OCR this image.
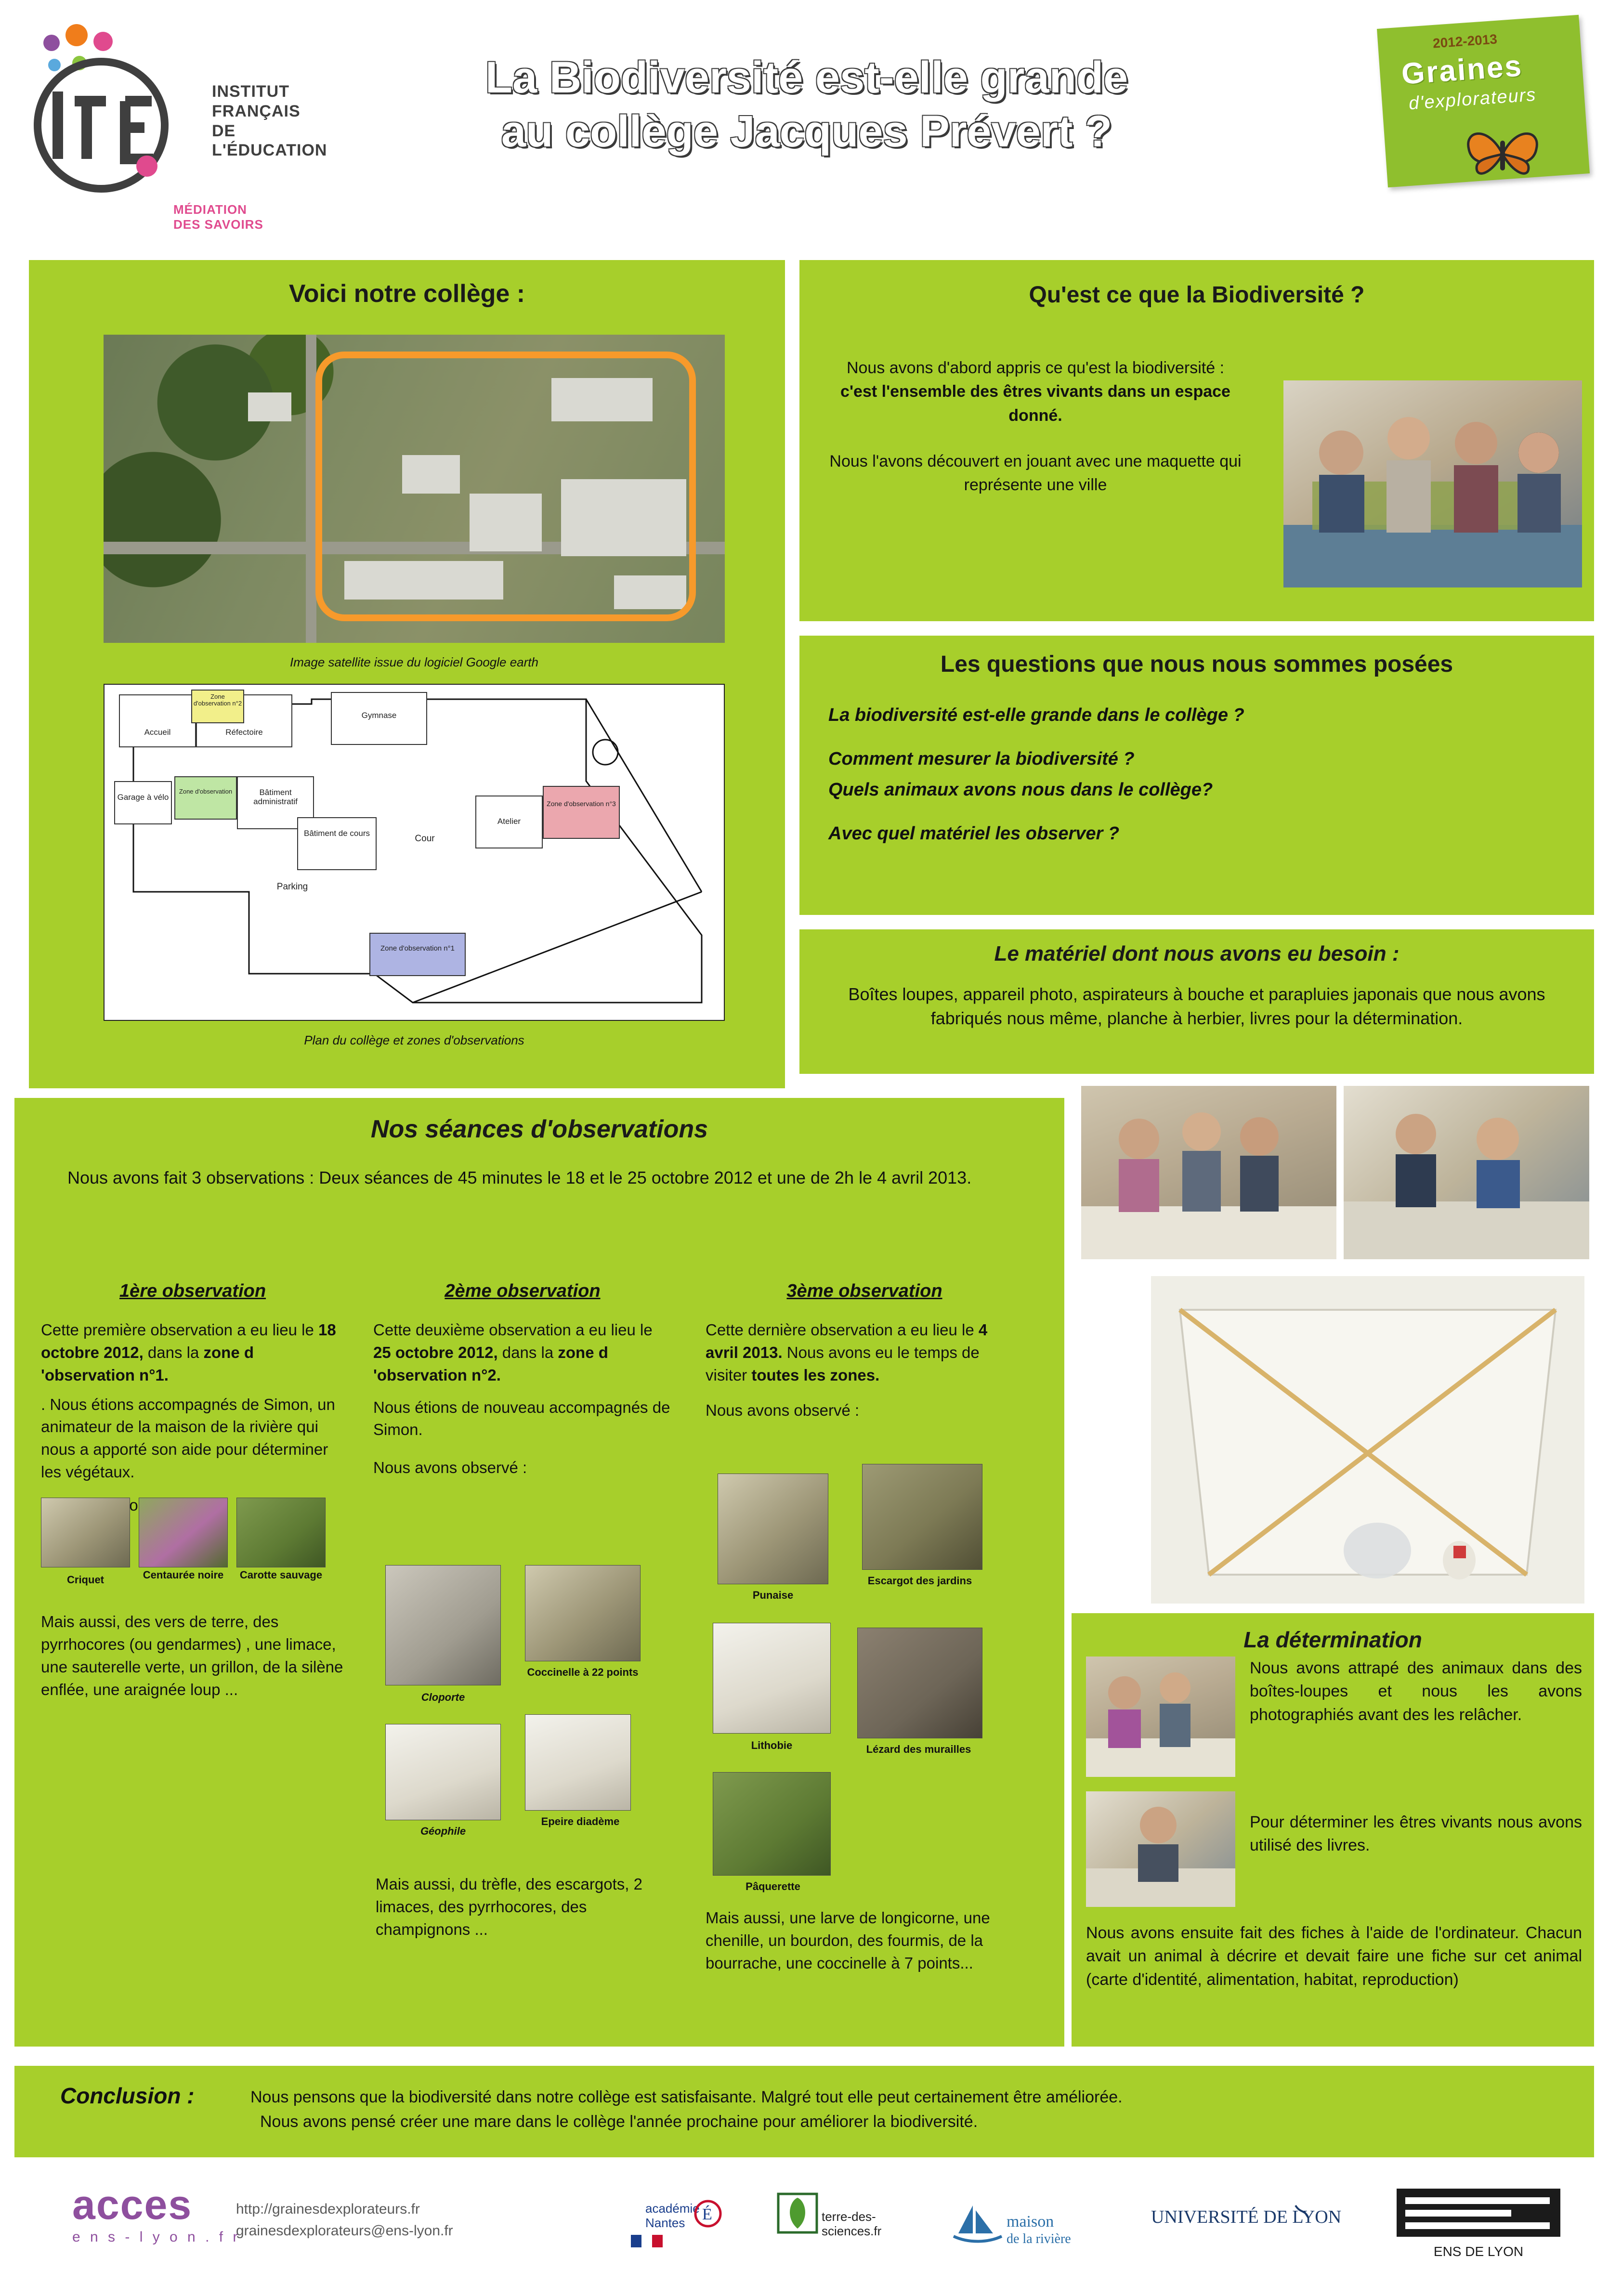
INSTITUT
FRANÇAIS
DE L'ÉDUCATION
MÉDIATION
DES SAVOIRS
La Biodiversité est-elle grande
au collège Jacques Prévert ?
2012-2013
Graines
d'explorateurs
Voici notre collège :
Image satellite issue du logiciel Google earth
Accueil	Réfectoire
Gymnase
Zone d'observation n°2
Garage à vélo
Zone d'observation	Bâtiment administratif
Bâtiment de cours
Cour
Atelier
Zone d'observation n°3
Parking
Zone d'observation n°1
Plan du collège et zones d'observations
Qu'est ce que la Biodiversité ?

Nous avons d'abord appris ce qu'est la biodiversité : c'est l'ensemble des êtres vivants dans un espace donné.

Nous l'avons découvert en jouant avec une maquette qui représente une ville

Les questions que nous nous sommes posées

La biodiversité est-elle grande dans le collège ?

Comment mesurer la biodiversité ?

Quels animaux avons nous dans le collège?

Avec quel matériel les observer ?

Le matériel dont nous avons eu besoin :
Boîtes loupes, appareil photo, aspirateurs à bouche et parapluies japonais que nous avons fabriqués nous même, planche à herbier, livres pour la détermination.
Nos séances d'observations
Nous avons fait 3 observations : Deux séances de 45 minutes le 18 et le 25 octobre 2012 et une de 2h le 4 avril 2013.
1ère observation

Cette première observation a eu lieu le 18 octobre 2012, dans la zone d 'observation n°1.

. Nous étions accompagnés de Simon, un animateur de la maison de la rivière qui nous a apporté son aide pour déterminer les végétaux.

Criquet	Centaurée noire	Carotte sauvage

Mais aussi, des vers de terre, des pyrrhocores (ou gendarmes) , une limace, une sauterelle verte, un grillon, de la silène enflée, une araignée loup ...

2ème observation

Cette deuxième observation a eu lieu le 25 octobre 2012, dans la zone d 'observation n°2.

Nous étions de nouveau accompagnés de Simon.

Nous avons observé :

Cloporte
Coccinelle à 22 points
Géophile
Epeire diadème

Mais aussi, du trèfle, des escargots, 2 limaces, des pyrrhocores, des champignons ...

3ème observation

Cette dernière observation a eu lieu le 4 avril 2013. Nous avons eu le temps de visiter toutes les zones.

Nous avons observé :

Punaise
Escargot des jardins
Lithobie	Lézard des murailles
Pâquerette

Mais aussi, une larve de longicorne, une chenille, un bourdon, des fourmis, de la bourrache, une coccinelle à 7 points...

La détermination
Nous avons attrapé des animaux dans des boîtes-loupes et nous les avons photographiés avant des les relâcher.
Pour déterminer les êtres vivants nous avons utilisé des livres.
Nous avons ensuite fait des fiches à l'aide de l'ordinateur. Chacun avait un animal à décrire et devait faire une fiche sur cet animal (carte d'identité, alimentation, habitat, reproduction)
Conclusion :	Nous pensons que la biodiversité dans notre collège est satisfaisante. Malgré tout elle peut certainement être améliorée.
Nous avons pensé créer une mare dans le collège l'année prochaine pour améliorer la biodiversité.
acces
e n s - l y o n . f r
http://grainesdexplorateurs.fr
grainesdexplorateurs@ens-lyon.fr
académie
Nantes É	terre-des-
sciences.fr
maison
de la rivière
UNIVERSITÉ DE LYON
ENS DE LYON
